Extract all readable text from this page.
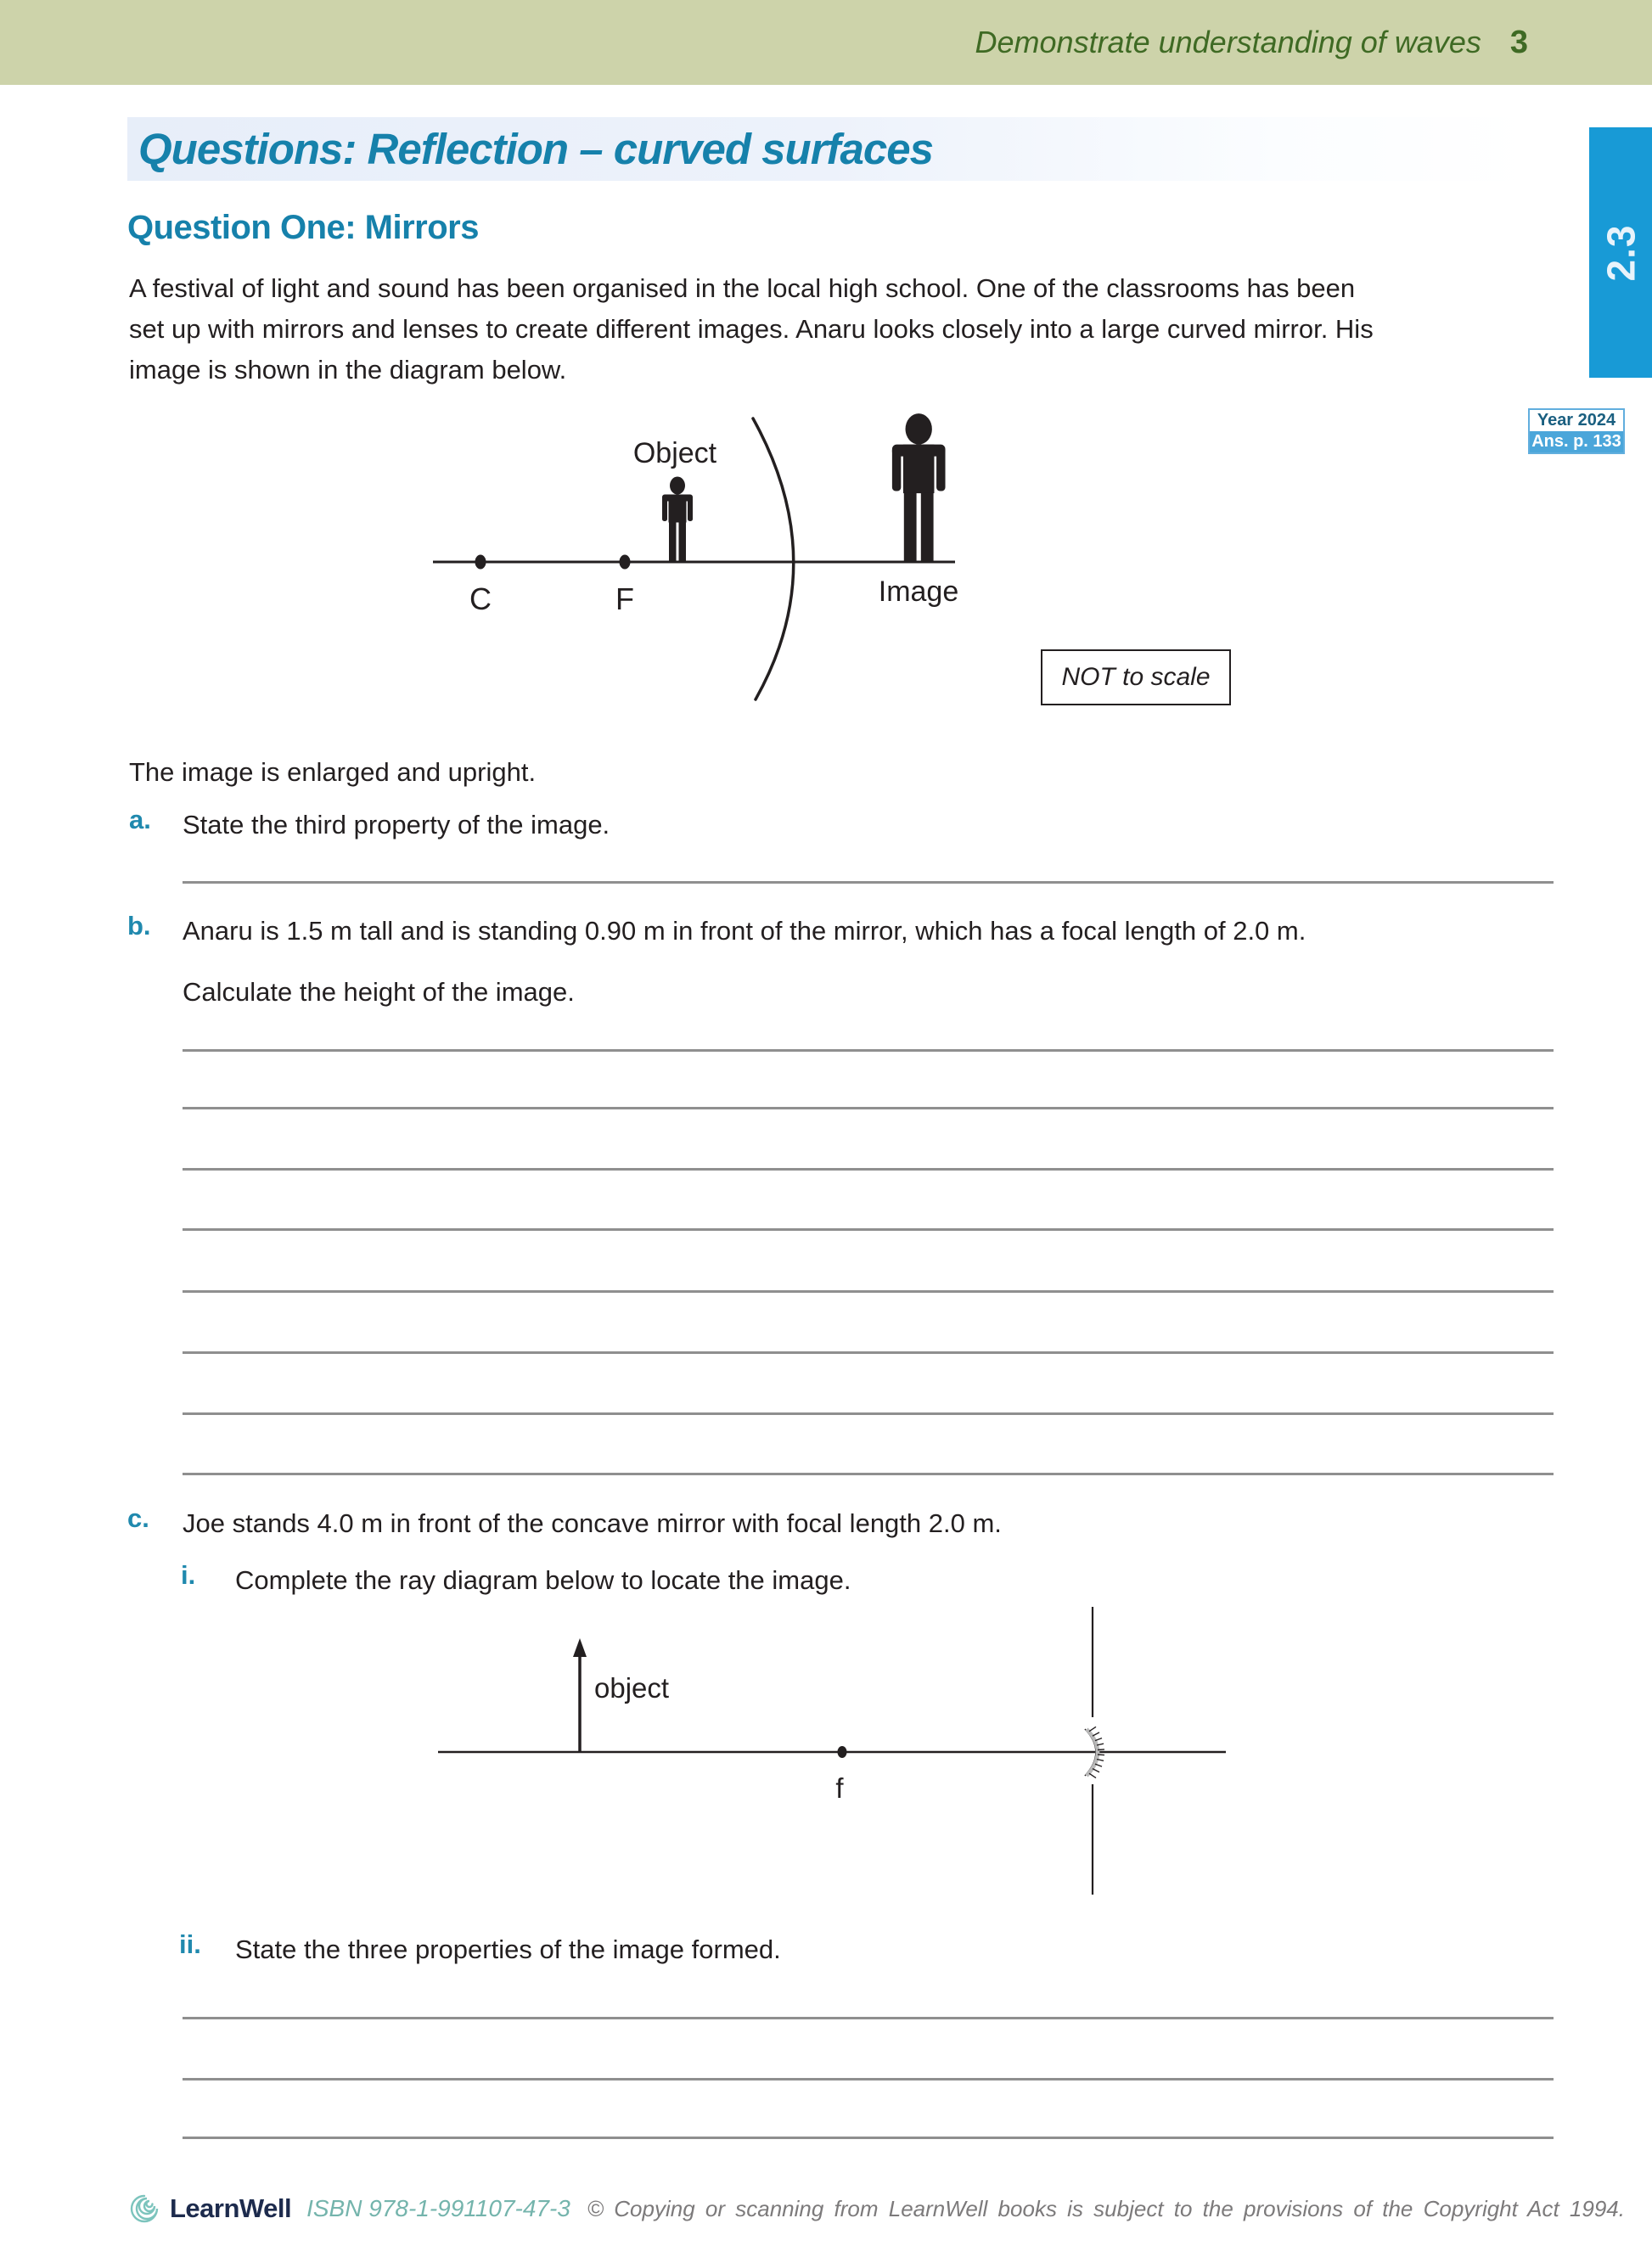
Demonstrate understanding of waves 3
2.3
Questions: Reflection – curved surfaces
Question One: Mirrors
A festival of light and sound has been organised in the local high school. One of the classrooms has been
set up with mirrors and lenses to create different images. Anaru looks closely into a large curved mirror. His
image is shown in the diagram below.
Year 2024
Ans. p. 133
C	F
Object
Image
NOT to scale
The image is enlarged and upright.
a. State the third property of the image.
b. Anaru is 1.5 m tall and is standing 0.90 m in front of the mirror, which has a focal length of 2.0 m.
Calculate the height of the image.
c. Joe stands 4.0 m in front of the concave mirror with focal length 2.0 m.
i. Complete the ray diagram below to locate the image.
object
f
ii. State the three properties of the image formed.
LearnWell ISBN 978-1-991107-47-3 © Copying or scanning from LearnWell books is subject to the provisions of the Copyright Act 1994.
